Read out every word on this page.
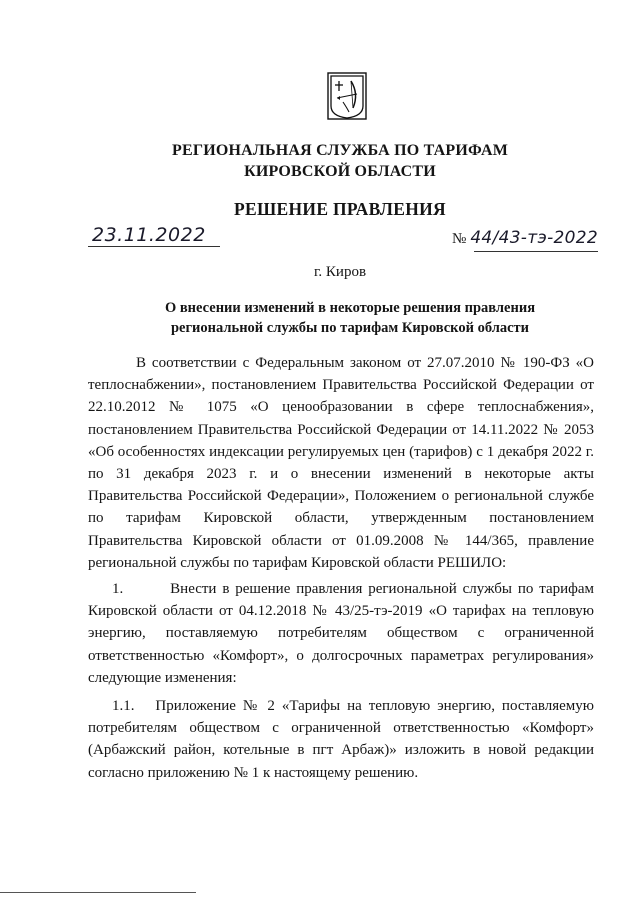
РЕГИОНАЛЬНАЯ СЛУЖБА ПО ТАРИФАМ
КИРОВСКОЙ ОБЛАСТИ
РЕШЕНИЕ ПРАВЛЕНИЯ
23.11.2022	№ 44/43-тэ-2022
г. Киров
О внесении изменений в некоторые решения правления
региональной службы по тарифам Кировской области

В соответствии с Федеральным законом от 27.07.2010 № 190-ФЗ «О теплоснабжении», постановлением Правительства Российской Федерации от 22.10.2012 № 1075 «О ценообразовании в сфере теплоснабжения», постановлением Правительства Российской Федерации от 14.11.2022 № 2053 «Об особенностях индексации регулируемых цен (тарифов) с 1 декабря 2022 г. по 31 декабря 2023 г. и о внесении изменений в некоторые акты Правительства Российской Федерации», Положением о региональной службе по тарифам Кировской области, утвержденным постановлением Правительства Кировской области от 01.09.2008 № 144/365, правление региональной службы по тарифам Кировской области РЕШИЛО:

1.	Внести в решение правления региональной службы по тарифам Кировской области от 04.12.2018 № 43/25-тэ-2019 «О тарифах на тепловую энергию, поставляемую потребителям обществом с ограниченной ответственностью «Комфорт», о долгосрочных параметрах регулирования» следующие изменения:

1.1. Приложение № 2 «Тарифы на тепловую энергию, поставляемую потребителям обществом с ограниченной ответственностью «Комфорт» (Арбажский район, котельные в пгт Арбаж)» изложить в новой редакции согласно приложению № 1 к настоящему решению.
